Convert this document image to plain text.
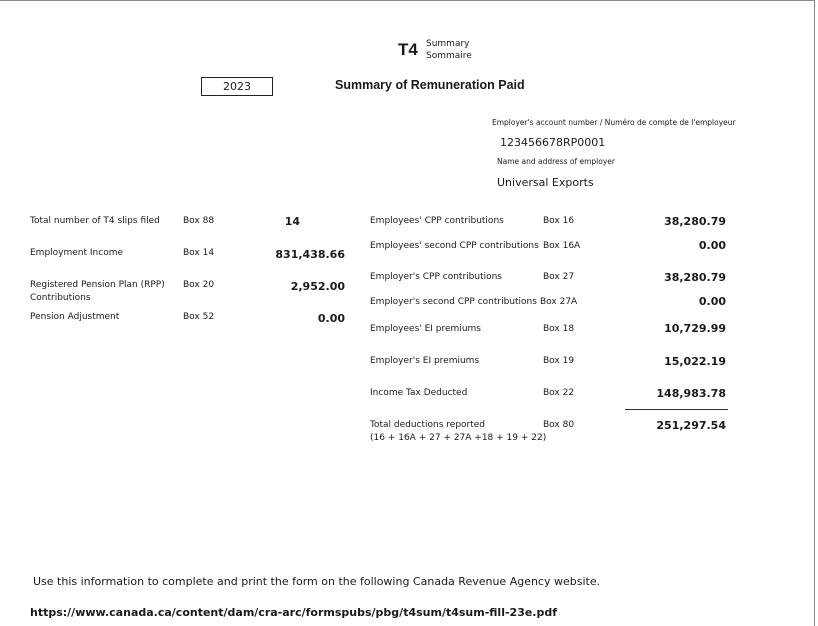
T4 Summary
Sommaire
2023	Summary of Remuneration Paid
Employer's account number / Numéro de compte de l'employeur
123456678RP0001
Name and address of employer
Universal Exports
Total number of T4 slips filed	Box 88	14
Employment Income	Box 14	831,438.66
Registered Pension Plan (RPP)
Contributions
Box 20	2,952.00
Pension Adjustment	Box 52	0.00
Employees' CPP contributions	Box 16	38,280.79
Employees' second CPP contributions Box 16A	0.00
Employer's CPP contributions	Box 27	38,280.79
Employer's second CPP contributions Box 27A	0.00
Employees' EI premiums	Box 18	10,729.99
Employer's EI premiums	Box 19	15,022.19
Income Tax Deducted	Box 22	148,983.78
Total deductions reported
(16 + 16A + 27 + 27A +18 + 19 + 22)
Box 80	251,297.54
Use this information to complete and print the form on the following Canada Revenue Agency website.
https://www.canada.ca/content/dam/cra-arc/formspubs/pbg/t4sum/t4sum-fill-23e.pdf
